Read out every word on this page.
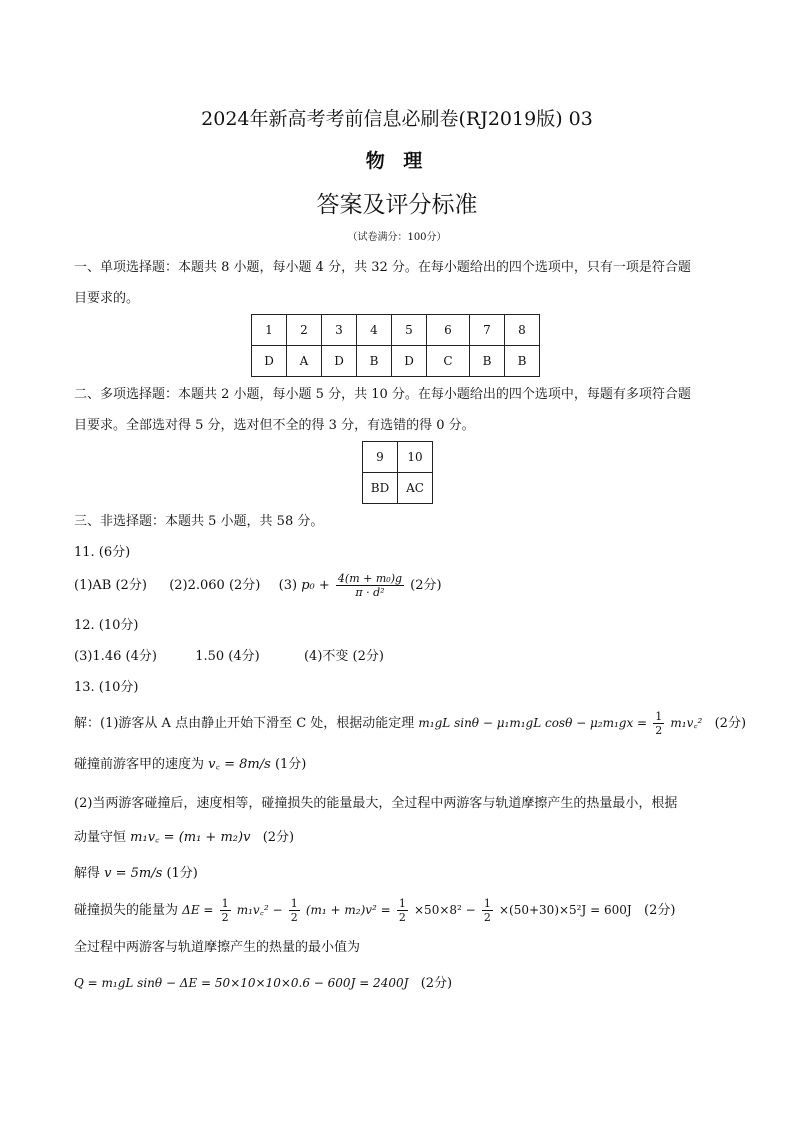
2024年新高考考前信息必刷卷(RJ2019版) 03
物 理
答案及评分标准
（试卷满分：100分）
一、单项选择题：本题共 8 小题，每小题 4 分，共 32 分。在每小题给出的四个选项中，只有一项是符合题
目要求的。
1	2	3	4	5	6	7	8
D	A	D	B	D	C	B	B
二、多项选择题：本题共 2 小题，每小题 5 分，共 10 分。在每小题给出的四个选项中，每题有多项符合题
目要求。全部选对得 5 分，选对但不全的得 3 分，有选错的得 0 分。
9	10
BD	AC
三、非选择题：本题共 5 小题，共 58 分。
11. (6分)
(1)AB (2分) (2)2.060 (2分) (3) $p_0 + \frac{\text{4(m + m₀)g}}{\text{π · d²}} (2$分)
12. (10分)
(3)1.46 (4分)	1.50 (4分)	(4)不变 (2分)
13. (10分)
解：(1)游客从 A 点由静止开始下滑至 C 处，根据动能定理 m₁gL sinθ − μ₁m₁gL $\cos\theta - \mu_2m_1gx = \frac{1}{2}$ m₁v꜀² (2分)
碰撞前游客甲的速度为 v꜀ = 8m/s (1分)
(2)当两游客碰撞后，速度相等，碰撞损失的能量最大，全过程中两游客与轨道摩擦产生的热量最小，根据
动量守恒 m₁v꜀ = (m₁ + m₂)v (2分)
解得 v = 5m/s (1分)
碰撞损失的能量为 $\Delta E = \frac{1}{2}$ m₁v꜀² − $\frac{1}{2} (m_1 + m_2)v^2 = \frac{1}{2} \times 50\times 8^2 - \frac{1}{2} \times(50+30)\times 5^2J = 600J$ (2分)
全过程中两游客与轨道摩擦产生的热量的最小值为
Q = m₁gL sinθ − ΔE = 50×10×10×0.6 − 600J = 2400J (2分)
